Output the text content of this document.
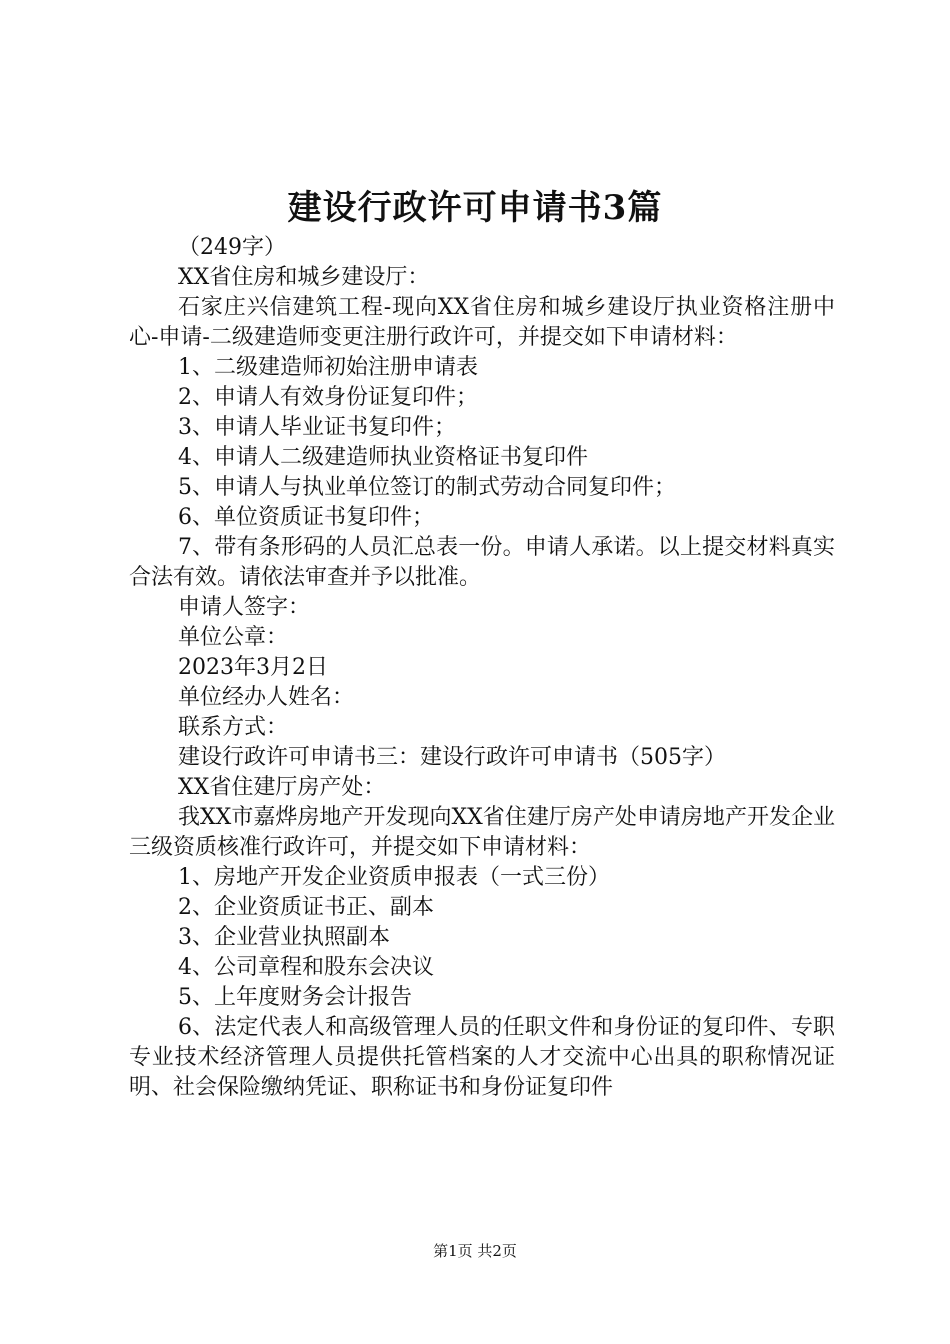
建设行政许可申请书3篇

（249字）

XX省住房和城乡建设厅：

石家庄兴信建筑工程-现向XX省住房和城乡建设厅执业资格注册中心-申请-二级建造师变更注册行政许可，并提交如下申请材料：

1、二级建造师初始注册申请表

2、申请人有效身份证复印件；

3、申请人毕业证书复印件；

4、申请人二级建造师执业资格证书复印件

5、申请人与执业单位签订的制式劳动合同复印件；

6、单位资质证书复印件；

7、带有条形码的人员汇总表一份。申请人承诺。以上提交材料真实合法有效。请依法审查并予以批准。

申请人签字：

单位公章：

2023年3月2日

单位经办人姓名：

联系方式：

建设行政许可申请书三：建设行政许可申请书（505字）

XX省住建厅房产处：

我XX市嘉烨房地产开发现向XX省住建厅房产处申请房地产开发企业三级资质核准行政许可，并提交如下申请材料：

1、房地产开发企业资质申报表（一式三份）

2、企业资质证书正、副本

3、企业营业执照副本

4、公司章程和股东会决议

5、上年度财务会计报告

6、法定代表人和高级管理人员的任职文件和身份证的复印件、专职专业技术经济管理人员提供托管档案的人才交流中心出具的职称情况证明、社会保险缴纳凭证、职称证书和身份证复印件

第1页 共2页
